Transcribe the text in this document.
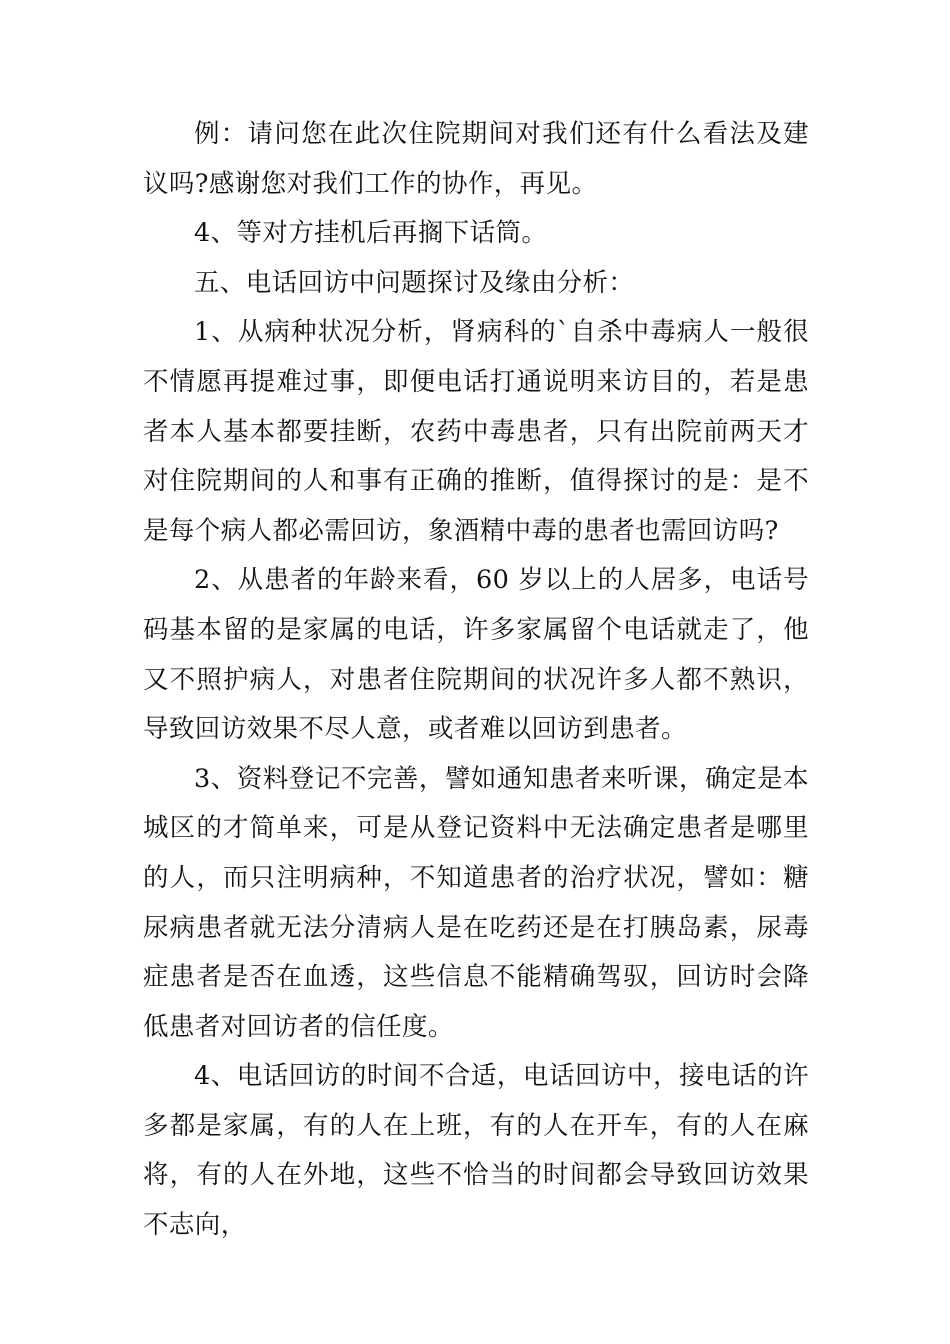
例：请问您在此次住院期间对我们还有什么看法及建议吗?感谢您对我们工作的协作，再见。

4、等对方挂机后再搁下话筒。

五、电话回访中问题探讨及缘由分析：

1、从病种状况分析，肾病科的`自杀中毒病人一般很不情愿再提难过事，即便电话打通说明来访目的，若是患者本人基本都要挂断，农药中毒患者，只有出院前两天才对住院期间的人和事有正确的推断，值得探讨的是：是不是每个病人都必需回访，象酒精中毒的患者也需回访吗?

2、从患者的年龄来看，60 岁以上的人居多，电话号码基本留的是家属的电话，许多家属留个电话就走了，他又不照护病人，对患者住院期间的状况许多人都不熟识，导致回访效果不尽人意，或者难以回访到患者。

3、资料登记不完善，譬如通知患者来听课，确定是本城区的才简单来，可是从登记资料中无法确定患者是哪里的人，而只注明病种，不知道患者的治疗状况，譬如：糖尿病患者就无法分清病人是在吃药还是在打胰岛素，尿毒症患者是否在血透，这些信息不能精确驾驭，回访时会降低患者对回访者的信任度。

4、电话回访的时间不合适，电话回访中，接电话的许多都是家属，有的人在上班，有的人在开车，有的人在麻将，有的人在外地，这些不恰当的时间都会导致回访效果不志向，
